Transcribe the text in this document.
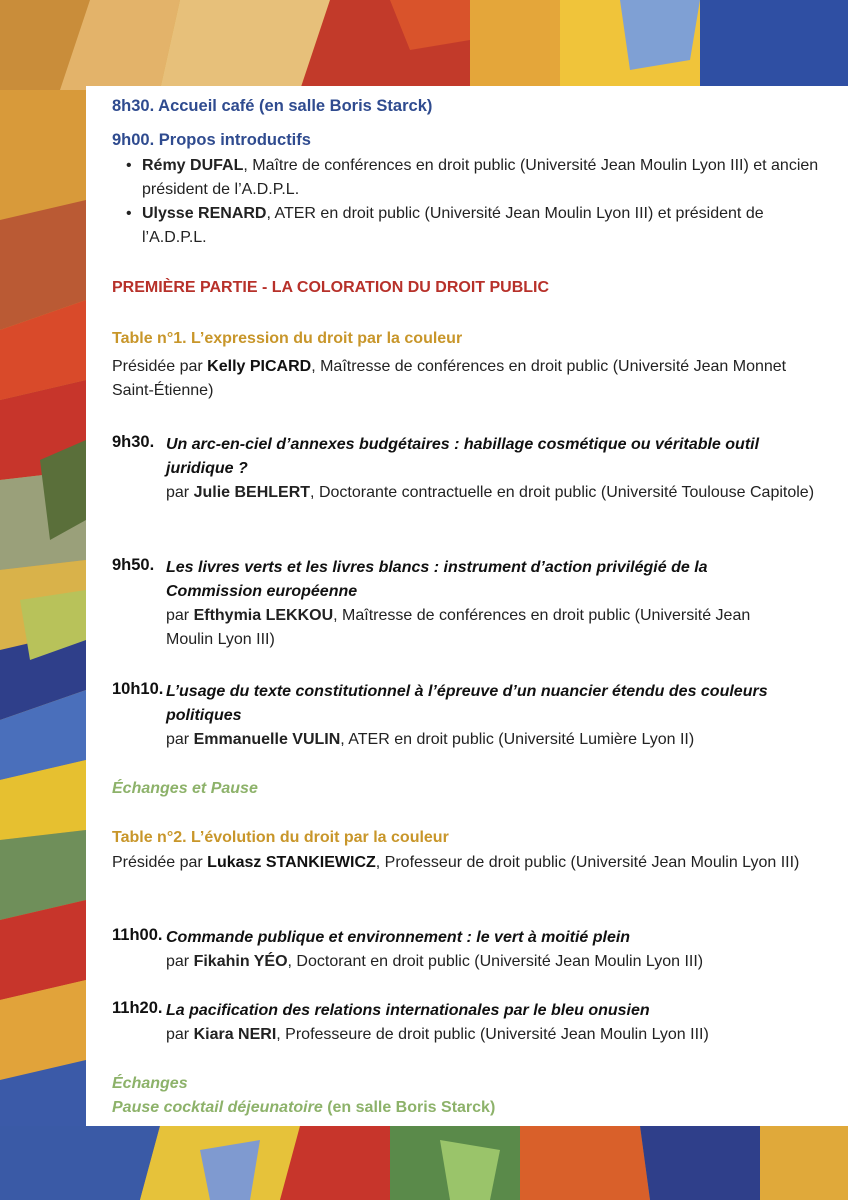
8h30. Accueil café (en salle Boris Starck)
9h00. Propos introductifs
• Rémy DUFAL, Maître de conférences en droit public (Université Jean Moulin Lyon III) et ancien président de l’A.D.P.L.
• Ulysse RENARD, ATER en droit public (Université Jean Moulin Lyon III) et président de l’A.D.P.L.
PREMIÈRE PARTIE - LA COLORATION DU DROIT PUBLIC
Table n°1. L’expression du droit par la couleur
Présidée par Kelly PICARD, Maîtresse de conférences en droit public (Université Jean Monnet Saint-Étienne)
9h30. Un arc-en-ciel d’annexes budgétaires : habillage cosmétique ou véritable outil juridique ?
par Julie BEHLERT, Doctorante contractuelle en droit public (Université Toulouse Capitole)
9h50. Les livres verts et les livres blancs : instrument d’action privilégié de la Commission européenne
par Efthymia LEKKOU, Maîtresse de conférences en droit public (Université Jean Moulin Lyon III)
10h10. L’usage du texte constitutionnel à l’épreuve d’un nuancier étendu des couleurs politiques
par Emmanuelle VULIN, ATER en droit public (Université Lumière Lyon II)
Échanges et Pause
Table n°2. L’évolution du droit par la couleur
Présidée par Lukasz STANKIEWICZ, Professeur de droit public (Université Jean Moulin Lyon III)
11h00. Commande publique et environnement : le vert à moitié plein
par Fikahin YÉO, Doctorant en droit public (Université Jean Moulin Lyon III)
11h20. La pacification des relations internationales par le bleu onusien
par Kiara NERI, Professeure de droit public (Université Jean Moulin Lyon III)
Échanges
Pause cocktail déjeunatoire (en salle Boris Starck)
